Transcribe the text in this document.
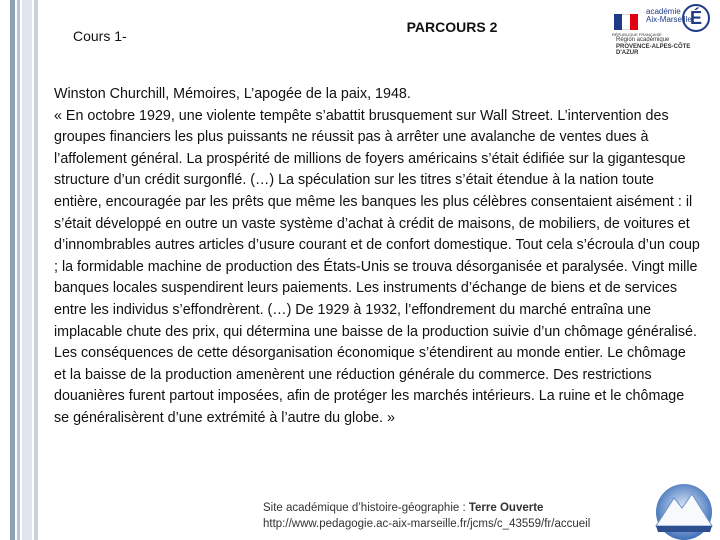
Cours 1-
PARCOURS 2	RÉPUBLIQUE FRANÇAISE
académie
Aix-Marseille
É
Région académique
PROVENCE-ALPES-CÔTE D'AZUR

Winston Churchill, Mémoires, L’apogée de la paix, 1948.

« En octobre 1929, une violente tempête s’abattit brusquement sur Wall Street. L’intervention des groupes financiers les plus puissants ne réussit pas à arrêter une avalanche de ventes dues à l’affolement général. La prospérité de millions de foyers américains s’était édifiée sur la gigantesque structure d’un crédit surgonflé. (…) La spéculation sur les titres s’était étendue à la nation toute entière, encouragée par les prêts que même les banques les plus célèbres consentaient aisément : il s’était développé en outre un vaste système d’achat à crédit de maisons, de mobiliers, de voitures et d’innombrables autres articles d’usure courant et de confort domestique. Tout cela s’écroula d’un coup ; la formidable machine de production des États-Unis se trouva désorganisée et paralysée. Vingt mille banques locales suspendirent leurs paiements. Les instruments d’échange de biens et de services entre les individus s’effondrèrent. (…) De 1929 à 1932, l’effondrement du marché entraîna une implacable chute des prix, qui détermina une baisse de la production suivie d’un chômage généralisé. Les conséquences de cette désorganisation économique s’étendirent au monde entier. Le chômage et la baisse de la production amenèrent une réduction générale du commerce. Des restrictions douanières furent partout imposées, afin de protéger les marchés intérieurs. La ruine et le chômage se généralisèrent d’une extrémité à l’autre du globe. »

Site académique d’histoire-géographie : Terre Ouverte
http://www.pedagogie.ac-aix-marseille.fr/jcms/c_43559/fr/accueil
